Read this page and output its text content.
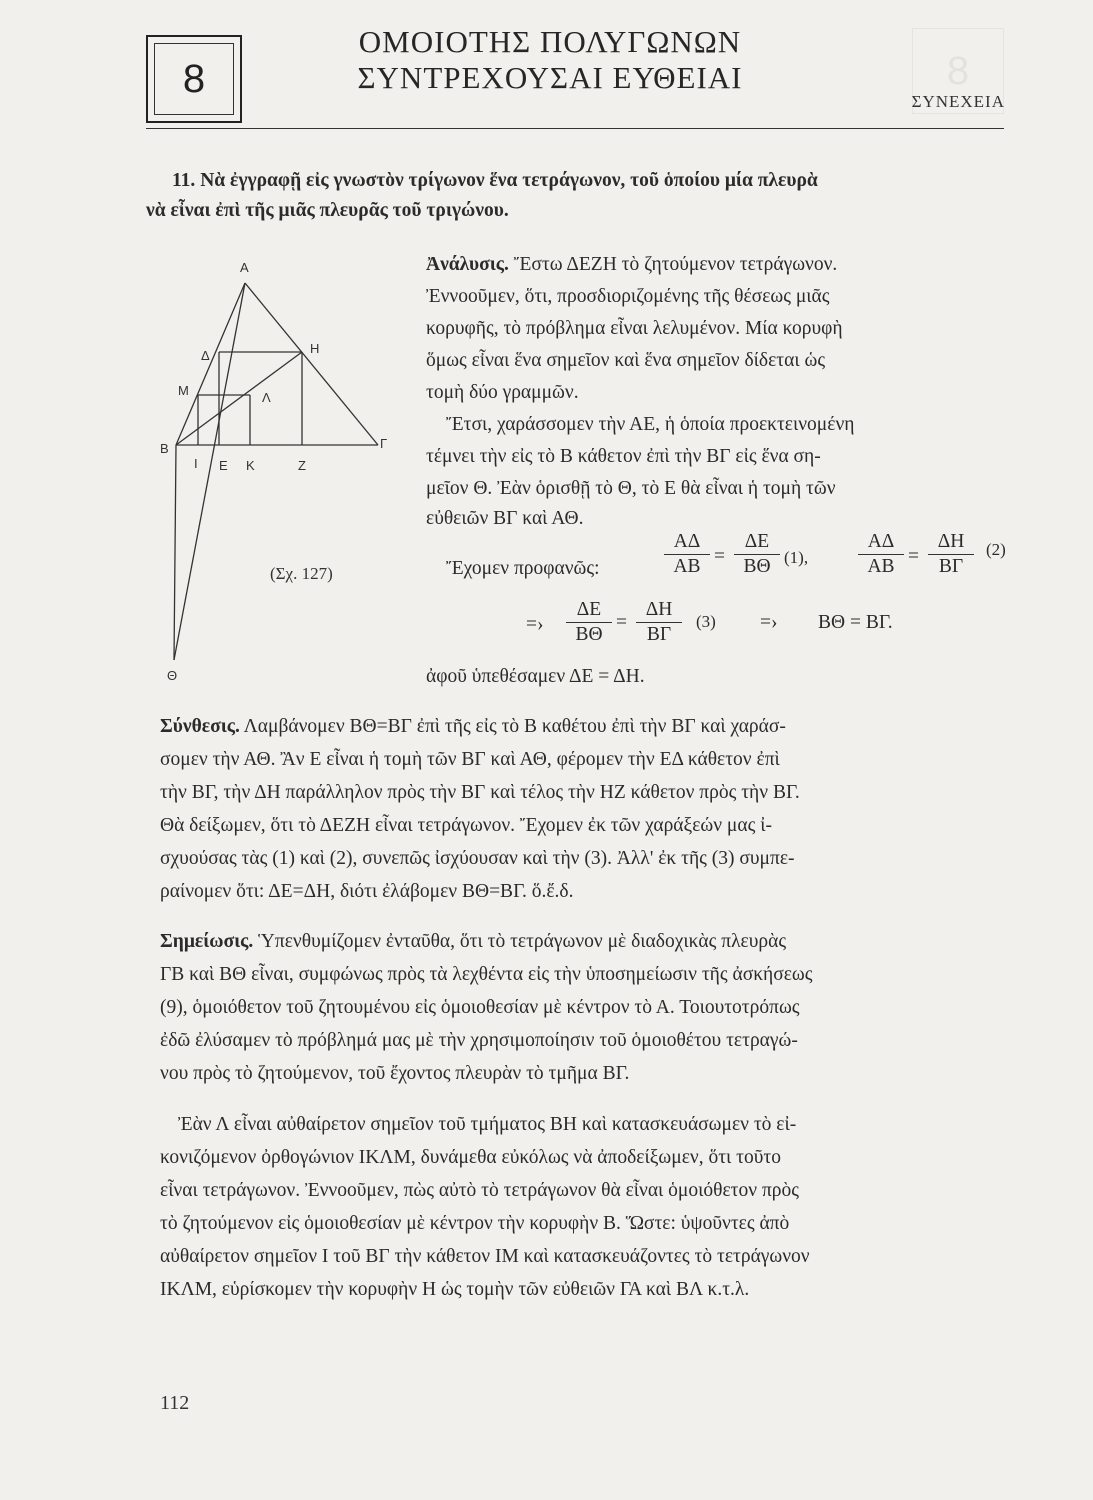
8	8
ΟΜΟΙΟΤΗΣ ΠΟΛΥΓΩΝΩΝ
ΣΥΝΤΡΕΧΟΥΣΑΙ ΕΥΘΕΙΑΙ
ΣΥΝΕΧΕΙΑ

11. Νὰ ἐγγραφῇ εἰς γνωστὸν τρίγωνον ἕνα τετράγωνον, τοῦ ὁποίου μία πλευρὰ

νὰ εἶναι ἐπὶ τῆς μιᾶς πλευρᾶς τοῦ τριγώνου.

A
Δ	H
M	Λ
B	Γ
I E K	Z
Θ
(Σχ. 127)

Ἀνάλυσις. Ἔστω ΔΕΖΗ τὸ ζητούμενον τετράγωνον.

Ἐννοοῦμεν, ὅτι, προσδιοριζομένης τῆς θέσεως μιᾶς

κορυφῆς, τὸ πρόβλημα εἶναι λελυμένον. Μία κορυφὴ

ὅμως εἶναι ἕνα σημεῖον καὶ ἕνα σημεῖον δίδεται ὡς

τομὴ δύο γραμμῶν.

Ἔτσι, χαράσσομεν τὴν ΑΕ, ἡ ὁποία προεκτεινομένη

τέμνει τὴν εἰς τὸ Β κάθετον ἐπὶ τὴν ΒΓ εἰς ἕνα ση-

μεῖον Θ. Ἐὰν ὁρισθῇ τὸ Θ, τὸ Ε θὰ εἶναι ἡ τομὴ τῶν

εὐθειῶν ΒΓ καὶ ΑΘ.

Ἔχομεν προφανῶς:	$\frac{A\Delta}{AB} = \frac{\Delta E}{B\Theta} (1)$,	$\frac{A\Delta}{AB} = \frac{\Delta H}{B\Gamma} (2)$
=› $\frac{\Delta E}{B\Theta} = \frac{\Delta H}{B\Gamma} (3)$ =› ΒΘ = ΒΓ.

ἀφοῦ ὑπεθέσαμεν ΔΕ = ΔΗ.

Σύνθεσις. Λαμβάνομεν ΒΘ=ΒΓ ἐπὶ τῆς εἰς τὸ Β καθέτου ἐπὶ τὴν ΒΓ καὶ χαράσ-

σομεν τὴν ΑΘ. Ἂν Ε εἶναι ἡ τομὴ τῶν ΒΓ καὶ ΑΘ, φέρομεν τὴν ΕΔ κάθετον ἐπὶ

τὴν ΒΓ, τὴν ΔΗ παράλληλον πρὸς τὴν ΒΓ καὶ τέλος τὴν ΗΖ κάθετον πρὸς τὴν ΒΓ.

Θὰ δείξωμεν, ὅτι τὸ ΔΕΖΗ εἶναι τετράγωνον. Ἔχομεν ἐκ τῶν χαράξεών μας ἰ-

σχυούσας τὰς (1) καὶ (2), συνεπῶς ἰσχύουσαν καὶ τὴν (3). Ἀλλ' ἐκ τῆς (3) συμπε-

ραίνομεν ὅτι: ΔΕ=ΔΗ, διότι ἐλάβομεν ΒΘ=ΒΓ. ὅ.ἔ.δ.

Σημείωσις. Ὑπενθυμίζομεν ἐνταῦθα, ὅτι τὸ τετράγωνον μὲ διαδοχικὰς πλευρὰς

ΓΒ καὶ ΒΘ εἶναι, συμφώνως πρὸς τὰ λεχθέντα εἰς τὴν ὑποσημείωσιν τῆς ἀσκήσεως

(9), ὁμοιόθετον τοῦ ζητουμένου εἰς ὁμοιοθεσίαν μὲ κέντρον τὸ Α. Τοιουτοτρόπως

ἐδῶ ἐλύσαμεν τὸ πρόβλημά μας μὲ τὴν χρησιμοποίησιν τοῦ ὁμοιοθέτου τετραγώ-

νου πρὸς τὸ ζητούμενον, τοῦ ἔχοντος πλευρὰν τὸ τμῆμα ΒΓ.

Ἐὰν Λ εἶναι αὐθαίρετον σημεῖον τοῦ τμήματος ΒΗ καὶ κατασκευάσωμεν τὸ εἰ-

κονιζόμενον ὀρθογώνιον ΙΚΛΜ, δυνάμεθα εὐκόλως νὰ ἀποδείξωμεν, ὅτι τοῦτο

εἶναι τετράγωνον. Ἐννοοῦμεν, πὼς αὐτὸ τὸ τετράγωνον θὰ εἶναι ὁμοιόθετον πρὸς

τὸ ζητούμενον εἰς ὁμοιοθεσίαν μὲ κέντρον τὴν κορυφὴν Β. Ὥστε: ὑψοῦντες ἀπὸ

αὐθαίρετον σημεῖον Ι τοῦ ΒΓ τὴν κάθετον ΙΜ καὶ κατασκευάζοντες τὸ τετράγωνον

ΙΚΛΜ, εὑρίσκομεν τὴν κορυφὴν Η ὡς τομὴν τῶν εὐθειῶν ΓΑ καὶ ΒΛ κ.τ.λ.

112
